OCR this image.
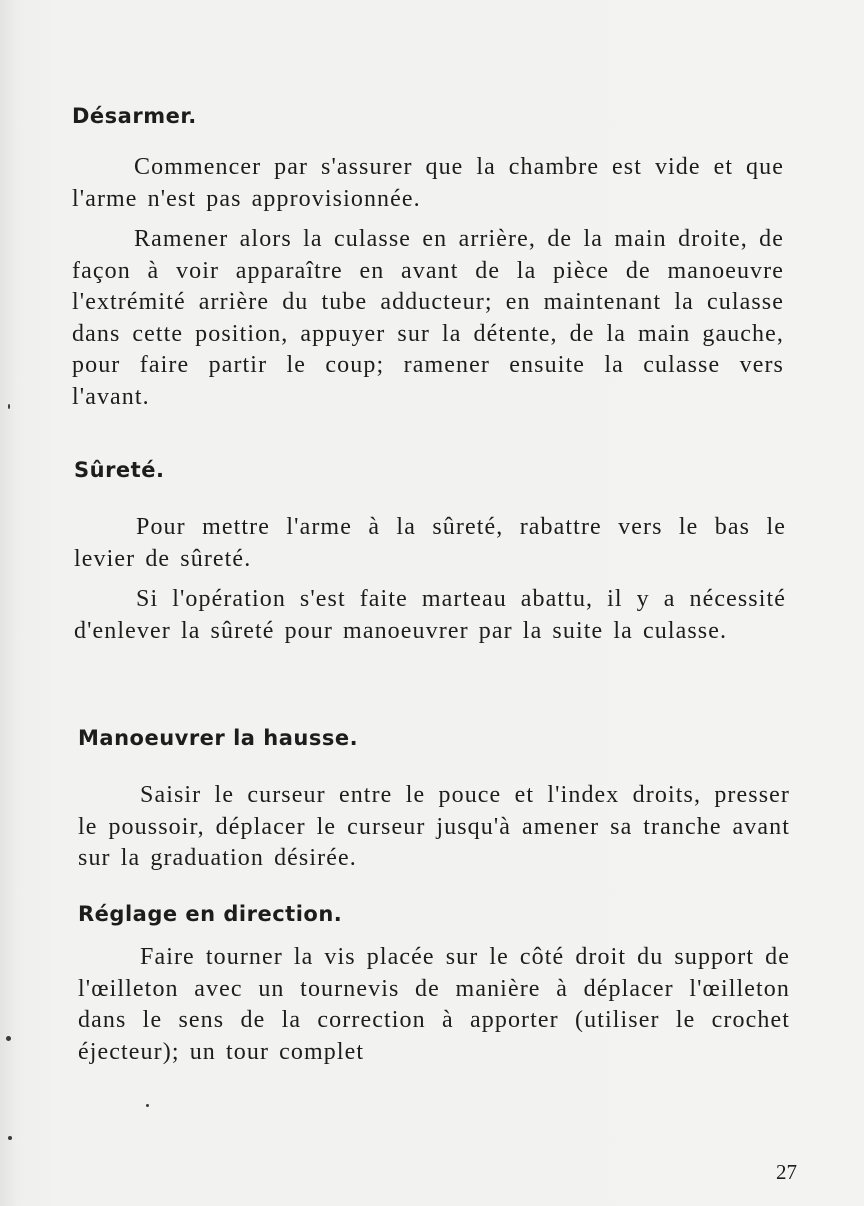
Désarmer.

Commencer par s'assurer que la chambre est vide et que l'arme n'est pas approvisionnée.

Ramener alors la culasse en arrière, de la main droite, de façon à voir apparaître en avant de la pièce de manoeuvre l'extrémité arrière du tube adducteur; en maintenant la culasse dans cette position, appuyer sur la détente, de la main gauche, pour faire partir le coup; ramener ensuite la culasse vers l'avant.

Sûreté.

Pour mettre l'arme à la sûreté, rabattre vers le bas le levier de sûreté.

Si l'opération s'est faite marteau abattu, il y a nécessité d'enlever la sûreté pour manoeuvrer par la suite la culasse.

Manoeuvrer la hausse.

Saisir le curseur entre le pouce et l'index droits, presser le poussoir, déplacer le curseur jusqu'à amener sa tranche avant sur la graduation désirée.

Réglage en direction.

Faire tourner la vis placée sur le côté droit du support de l'œilleton avec un tournevis de manière à déplacer l'œilleton dans le sens de la correction à apporter (utiliser le crochet éjecteur); un tour complet

27
